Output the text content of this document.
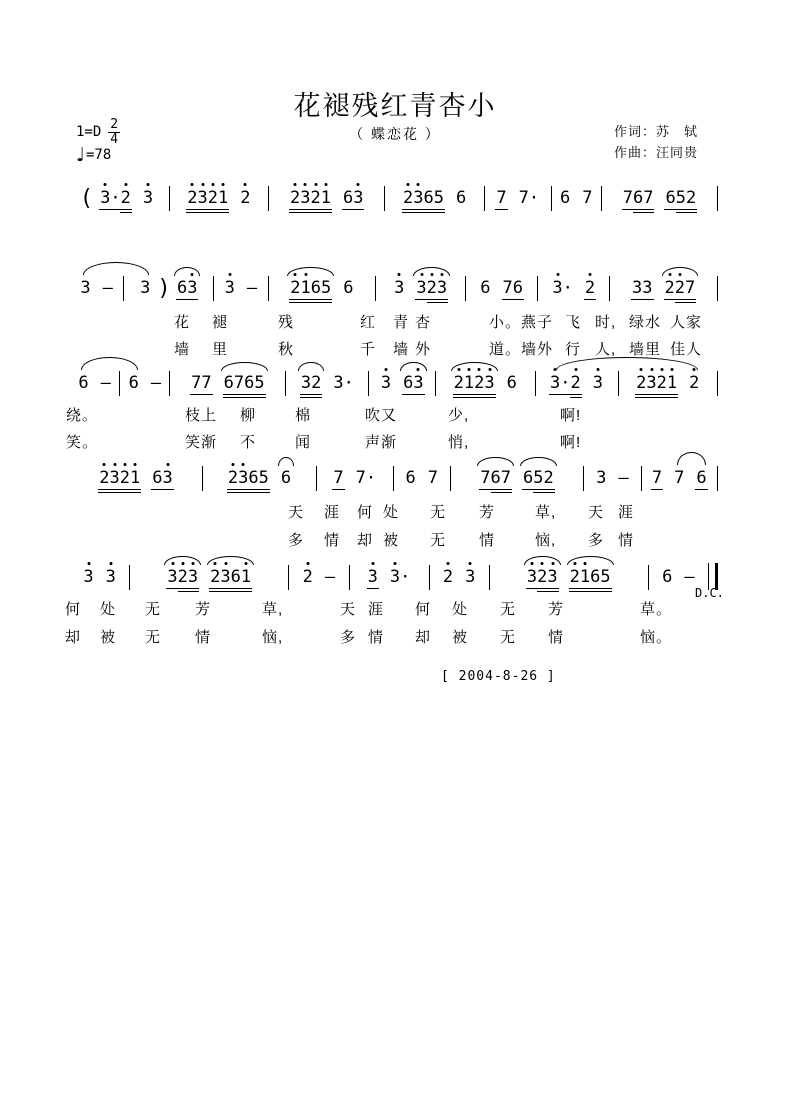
花褪残红青杏小
（ 蝶恋花 ）
$1=D \frac{2}{4}$
♩ =78
作词：苏　轼
作曲：汪同贵
( 3
· 2 3 2
3
2
1 2 2
3
2
1 63 2
3
65 6 7 7· 6 7 767 652
3 – 3 ) 63 3 – 2
1
65 6 3 3
2
3 6 76 3
· 2 33 2
2
7
花 褪	残	红 青 杏	小。燕子 飞 时, 绿水 人家
墙 里	秋	千 墙 外	道。墙外 行 人, 墙里 佳人
6 – 6 – 77 6765 32 3· 3 63 2
1
2
3 6 3
· 2 3 2
3
2
1 2
绕。	枝上 柳	棉	吹又	少,	啊!
笑。	笑渐 不	闻	声渐	悄,	啊!
2
3
2
1 63	2
3
65 6 7 7· 6 7 767 652 3 – 7 7 6
天 涯 何 处 无 芳	草, 天 涯
多 情 却 被 无 情	恼, 多 情
3 3	3
2
3 2
3
61	2 – 3 3
· 2 3	3
2
3 2
1
65	6 –
何 处 无 芳	草,	天 涯 何 处 无 芳	草。
却 被 无 情	恼,	多 情 却 被 无 情	恼。
D.C.
[ 2004-8-26 ]
